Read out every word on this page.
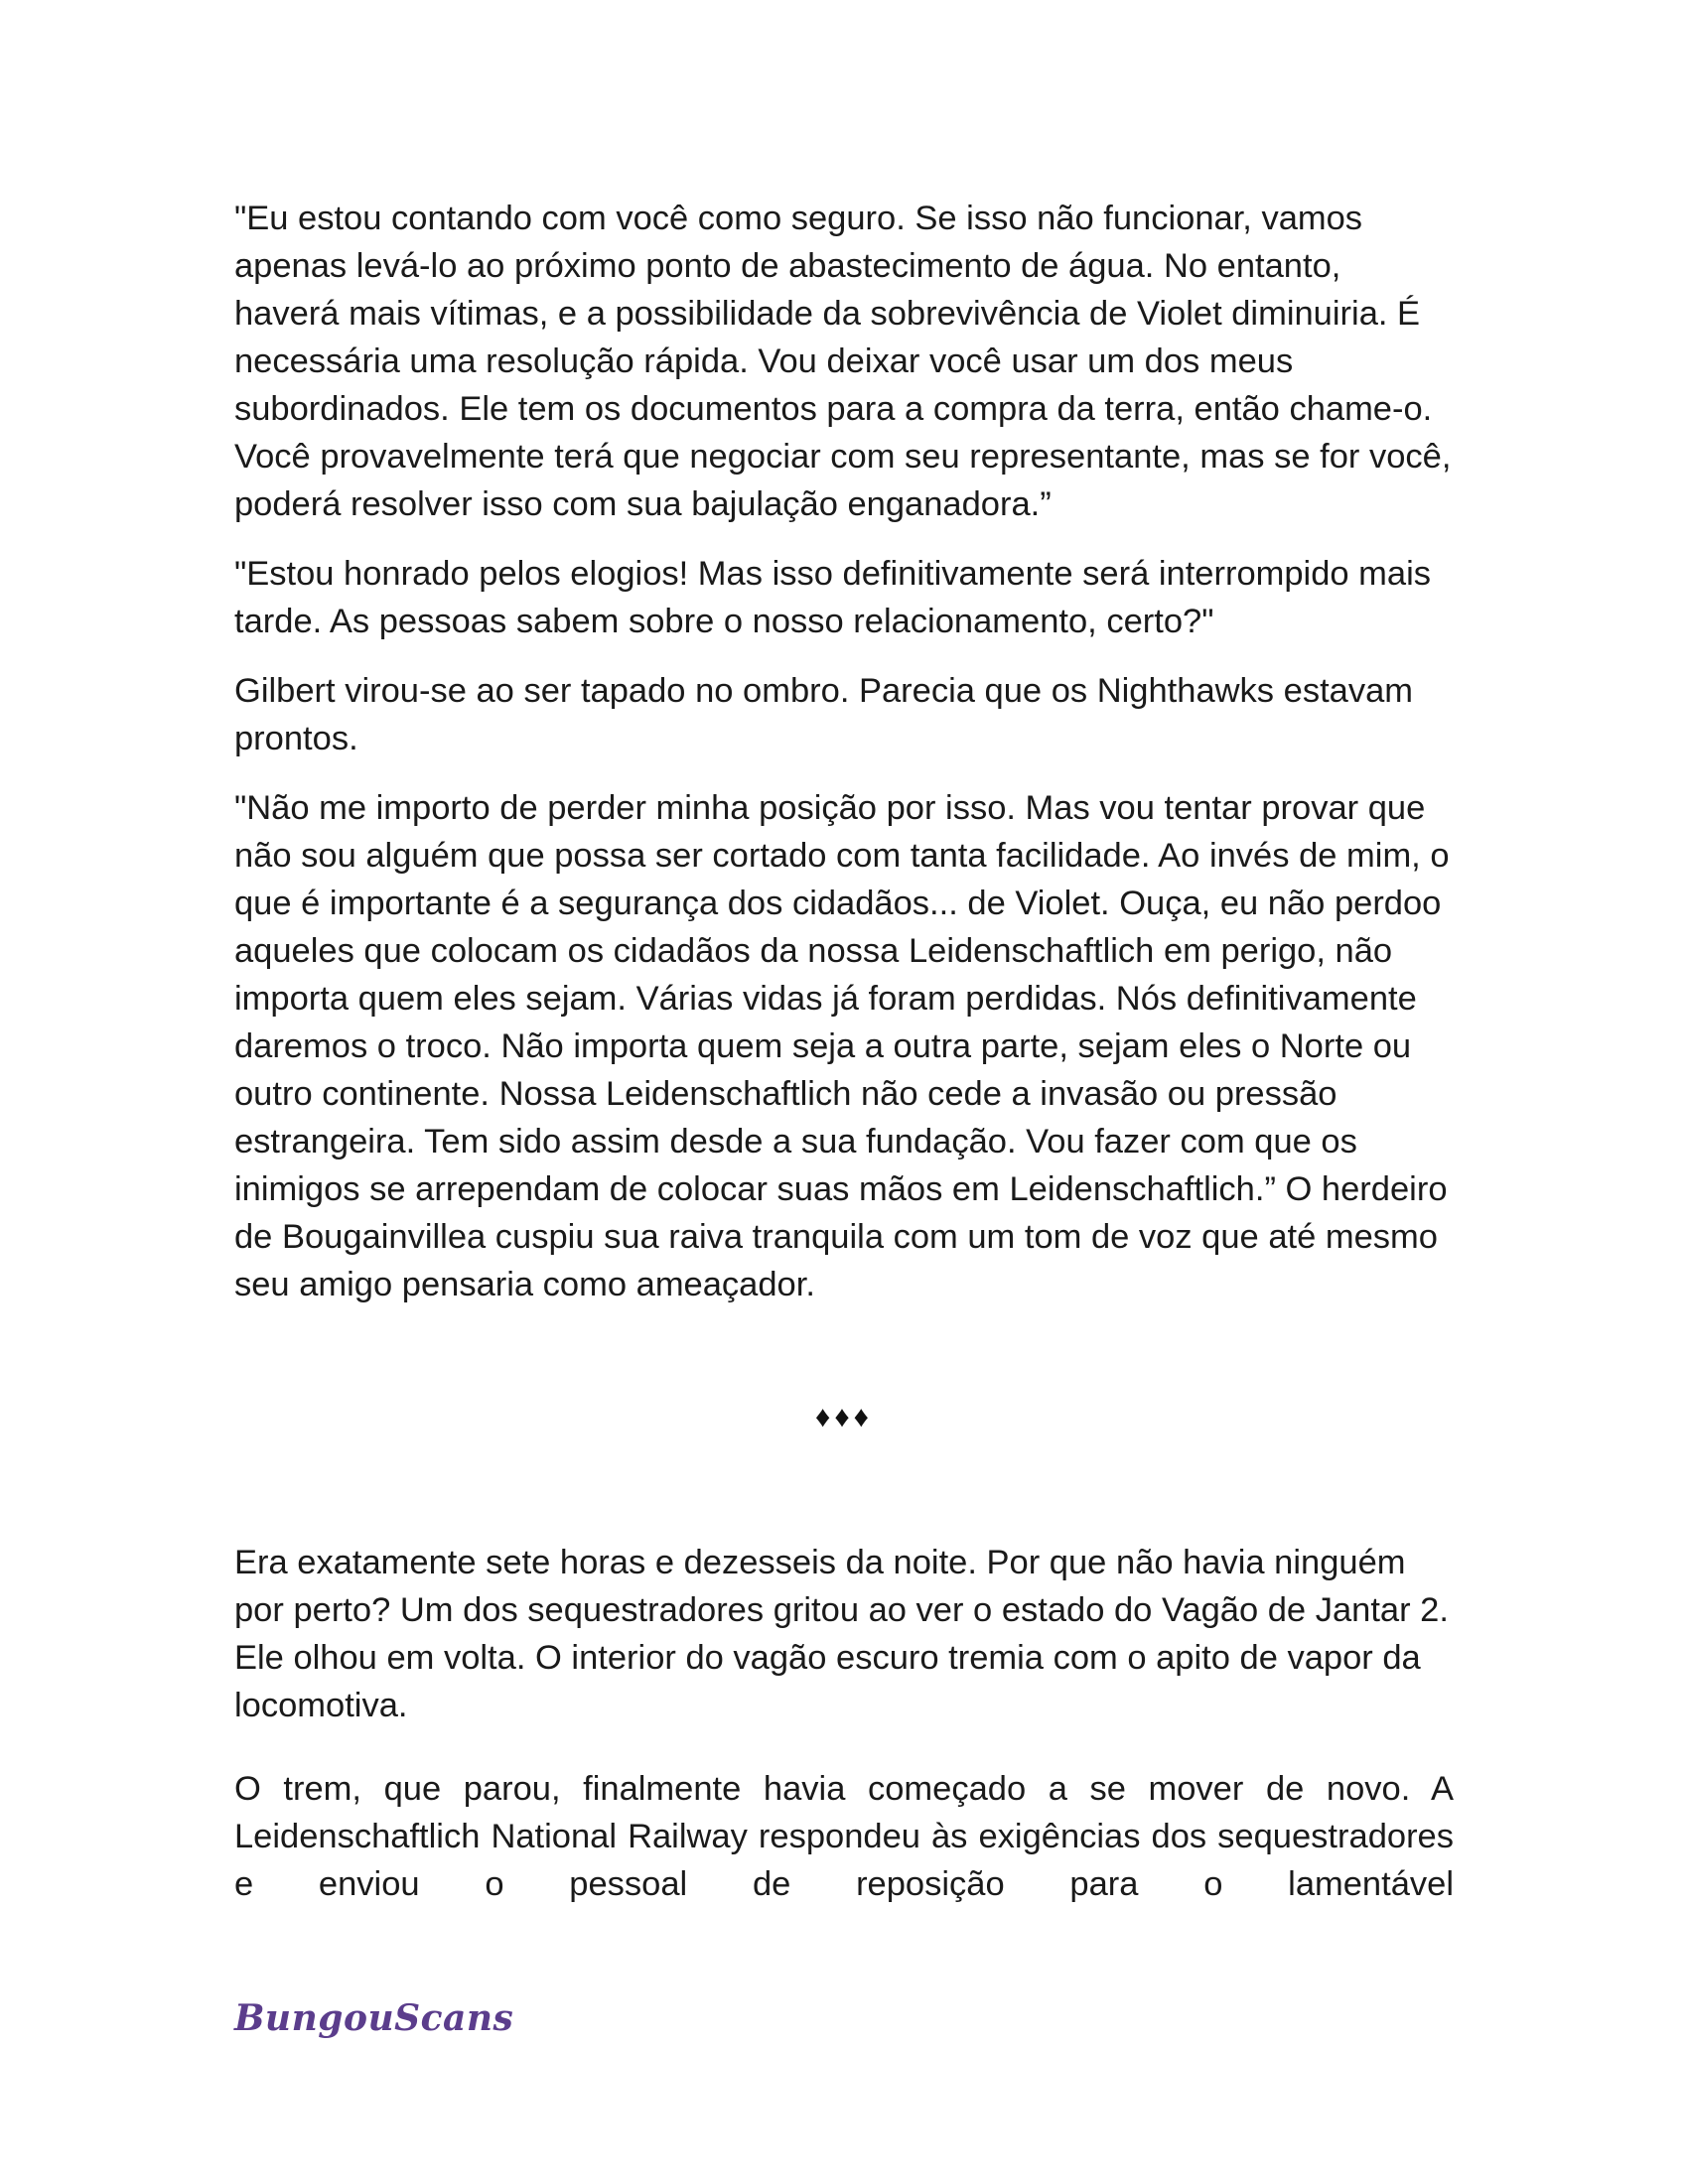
"Eu estou contando com você como seguro. Se isso não funcionar, vamos apenas levá-lo ao próximo ponto de abastecimento de água. No entanto, haverá mais vítimas, e a possibilidade da sobrevivência de Violet diminuiria. É necessária uma resolução rápida. Vou deixar você usar um dos meus subordinados. Ele tem os documentos para a compra da terra, então chame-o. Você provavelmente terá que negociar com seu representante, mas se for você, poderá resolver isso com sua bajulação enganadora.”

"Estou honrado pelos elogios! Mas isso definitivamente será interrompido mais tarde. As pessoas sabem sobre o nosso relacionamento, certo?"

Gilbert virou-se ao ser tapado no ombro. Parecia que os Nighthawks estavam prontos.

"Não me importo de perder minha posição por isso. Mas vou tentar provar que não sou alguém que possa ser cortado com tanta facilidade. Ao invés de mim, o que é importante é a segurança dos cidadãos... de Violet. Ouça, eu não perdoo aqueles que colocam os cidadãos da nossa Leidenschaftlich em perigo, não importa quem eles sejam. Várias vidas já foram perdidas. Nós definitivamente daremos o troco. Não importa quem seja a outra parte, sejam eles o Norte ou outro continente. Nossa Leidenschaftlich não cede a invasão ou pressão estrangeira. Tem sido assim desde a sua fundação. Vou fazer com que os inimigos se arrependam de colocar suas mãos em Leidenschaftlich.” O herdeiro de Bougainvillea cuspiu sua raiva tranquila com um tom de voz que até mesmo seu amigo pensaria como ameaçador.

♦♦♦

Era exatamente sete horas e dezesseis da noite. Por que não havia ninguém por perto? Um dos sequestradores gritou ao ver o estado do Vagão de Jantar 2. Ele olhou em volta. O interior do vagão escuro tremia com o apito de vapor da locomotiva.

O trem, que parou, finalmente havia começado a se mover de novo. A Leidenschaftlich National Railway respondeu às exigências dos sequestradores e enviou o pessoal de reposição para o lamentável

BungouScans
